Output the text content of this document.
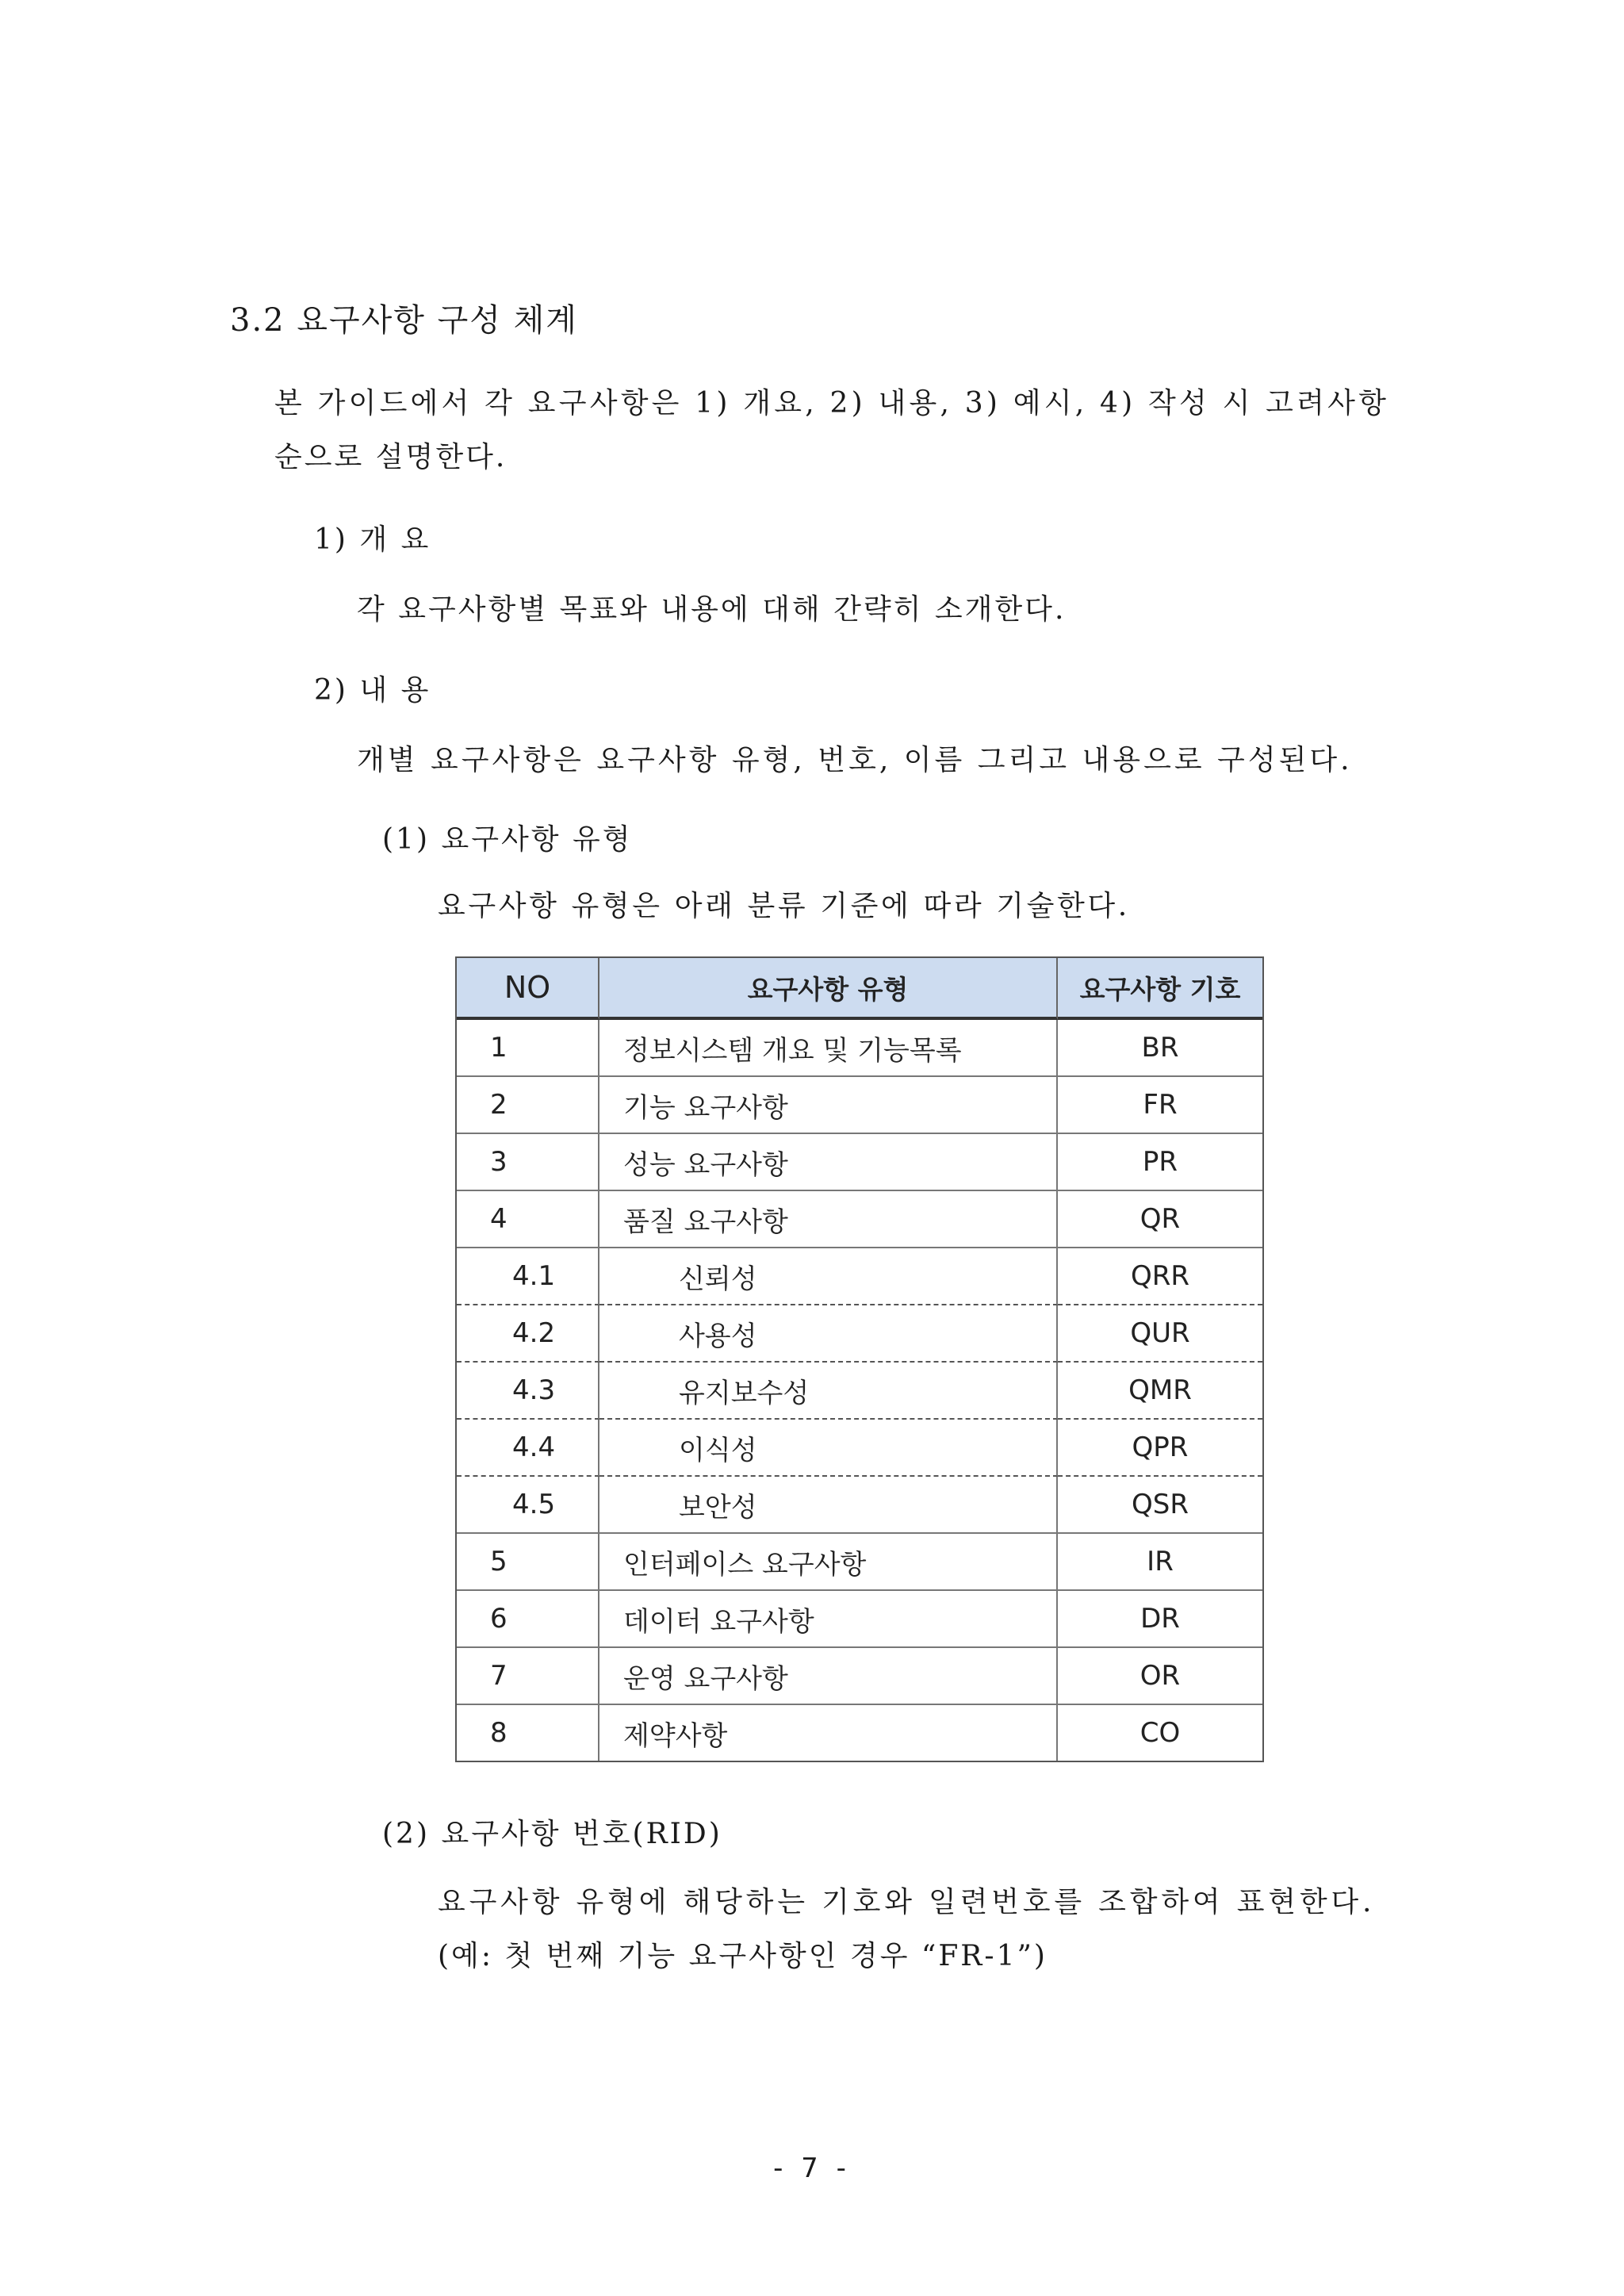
3.2 요구사항 구성 체계
본 가이드에서 각 요구사항은 1) 개요, 2) 내용, 3) 예시, 4) 작성 시 고려사항
순으로 설명한다.
1) 개 요
각 요구사항별 목표와 내용에 대해 간략히 소개한다.
2) 내 용
개별 요구사항은 요구사항 유형, 번호, 이름 그리고 내용으로 구성된다.
(1) 요구사항 유형
요구사항 유형은 아래 분류 기준에 따라 기술한다.
NO	요구사항 유형	요구사항 기호
1	정보시스템 개요 및 기능목록	BR
2	기능 요구사항	FR
3	성능 요구사항	PR
4	품질 요구사항	QR
4.1	신뢰성	QRR
4.2	사용성	QUR
4.3	유지보수성	QMR
4.4	이식성	QPR
4.5	보안성	QSR
5	인터페이스 요구사항	IR
6	데이터 요구사항	DR
7	운영 요구사항	OR
8	제약사항	CO
(2) 요구사항 번호(RID)
요구사항 유형에 해당하는 기호와 일련번호를 조합하여 표현한다.
(예: 첫 번째 기능 요구사항인 경우 “FR-1”)
- 7 -
